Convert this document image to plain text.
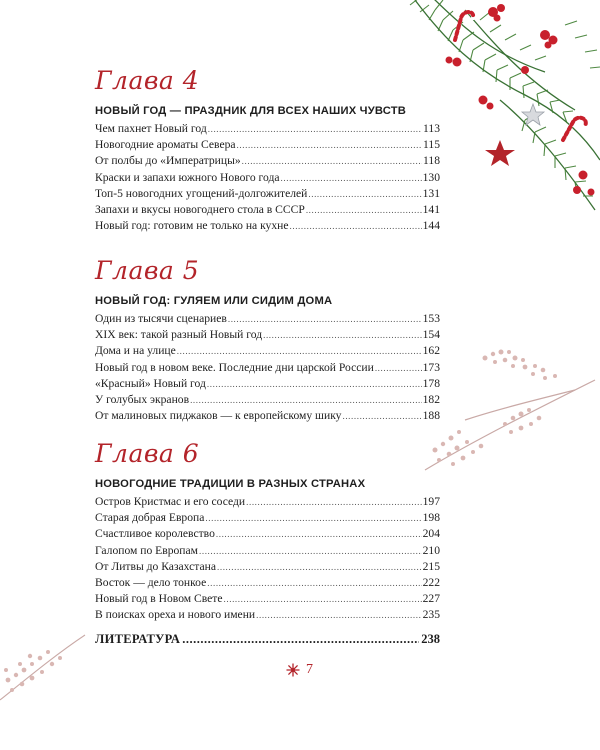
Глава 4
НОВЫЙ ГОД — ПРАЗДНИК ДЛЯ ВСЕХ НАШИХ ЧУВСТВ
Чем пахнет Новый год .....	113
Новогодние ароматы Севера .....	115
От полбы до «Императрицы» .....	118
Краски и запахи южного Нового года .....	130
Топ-5 новогодних угощений-долгожителей .....	131
Запахи и вкусы новогоднего стола в СССР .....	141
Новый год: готовим не только на кухне .....	144
Глава 5
НОВЫЙ ГОД: ГУЛЯЕМ ИЛИ СИДИМ ДОМА
Один из тысячи сценариев .....	153
XIX век: такой разный Новый год .....	154
Дома и на улице .....	162
Новый год в новом веке. Последние дни царской России .....	173
«Красный» Новый год .....	178
У голубых экранов .....	182
От малиновых пиджаков — к европейскому шику .....	188
Глава 6
НОВОГОДНИЕ ТРАДИЦИИ В РАЗНЫХ СТРАНАХ
Остров Кристмас и его соседи .....	197
Старая добрая Европа .....	198
Счастливое королевство .....	204
Галопом по Европам .....	210
От Литвы до Казахстана .....	215
Восток — дело тонкое .....	222
Новый год в Новом Свете .....	227
В поисках ореха и нового имени .....	235
ЛИТЕРАТУРА .....	238
7
